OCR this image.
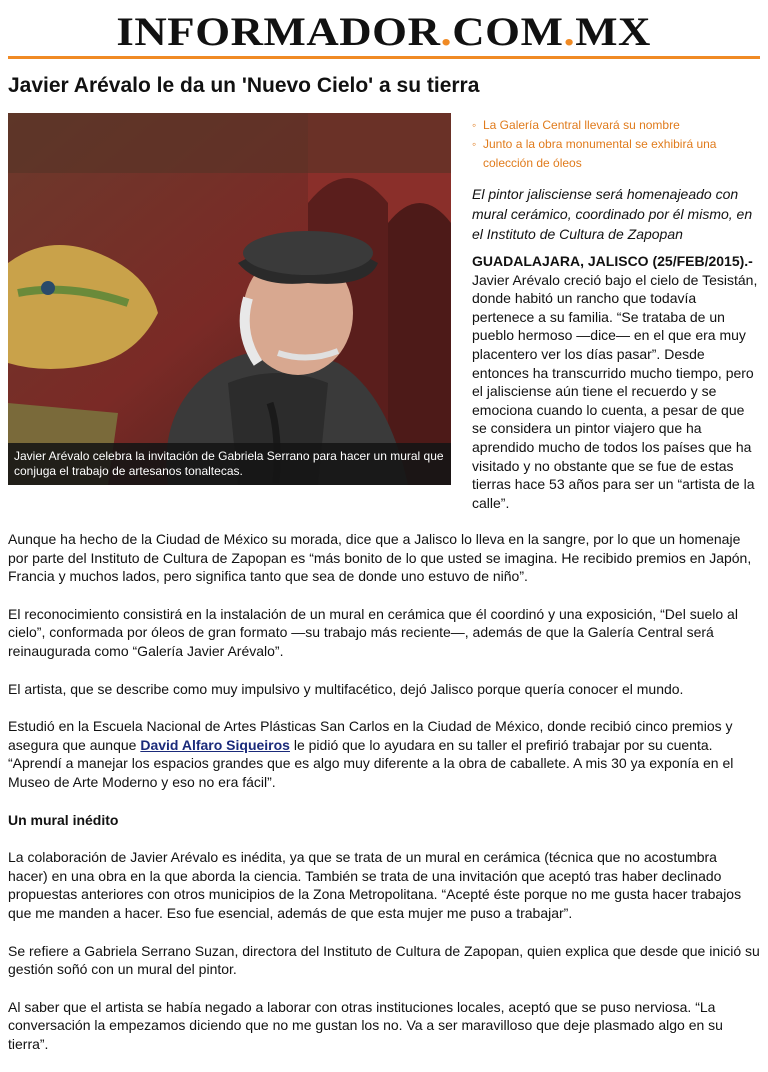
INFORMADOR.COM.MX
Javier Arévalo le da un 'Nuevo Cielo' a su tierra
Javier Arévalo celebra la invitación de Gabriela Serrano para hacer un mural que conjuga el trabajo de artesanos tonaltecas.
◦ La Galería Central llevará su nombre
◦ Junto a la obra monumental se exhibirá una colección de óleos

El pintor jalisciense será homenajeado con mural cerámico, coordinado por él mismo, en el Instituto de Cultura de Zapopan

GUADALAJARA, JALISCO (25/FEB/2015).- Javier Arévalo creció bajo el cielo de Tesistán, donde habitó un rancho que todavía pertenece a su familia. “Se trataba de un pueblo hermoso —dice— en el que era muy placentero ver los días pasar”. Desde entonces ha transcurrido mucho tiempo, pero el jalisciense aún tiene el recuerdo y se emociona cuando lo cuenta, a pesar de que se considera un pintor viajero que ha aprendido mucho de todos los países que ha visitado y no obstante que se fue de estas tierras hace 53 años para ser un “artista de la calle”.

Aunque ha hecho de la Ciudad de México su morada, dice que a Jalisco lo lleva en la sangre, por lo que un homenaje por parte del Instituto de Cultura de Zapopan es “más bonito de lo que usted se imagina. He recibido premios en Japón, Francia y muchos lados, pero significa tanto que sea de donde uno estuvo de niño”.

El reconocimiento consistirá en la instalación de un mural en cerámica que él coordinó y una exposición, “Del suelo al cielo”, conformada por óleos de gran formato —su trabajo más reciente—, además de que la Galería Central será reinaugurada como “Galería Javier Arévalo”.

El artista, que se describe como muy impulsivo y multifacético, dejó Jalisco porque quería conocer el mundo.

Estudió en la Escuela Nacional de Artes Plásticas San Carlos en la Ciudad de México, donde recibió cinco premios y asegura que aunque David Alfaro Siqueiros le pidió que lo ayudara en su taller el prefirió trabajar por su cuenta. “Aprendí a manejar los espacios grandes que es algo muy diferente a la obra de caballete. A mis 30 ya exponía en el Museo de Arte Moderno y eso no era fácil”.

Un mural inédito

La colaboración de Javier Arévalo es inédita, ya que se trata de un mural en cerámica (técnica que no acostumbra hacer) en una obra en la que aborda la ciencia. También se trata de una invitación que aceptó tras haber declinado propuestas anteriores con otros municipios de la Zona Metropolitana. “Acepté éste porque no me gusta hacer trabajos que me manden a hacer. Eso fue esencial, además de que esta mujer me puso a trabajar”.

Se refiere a Gabriela Serrano Suzan, directora del Instituto de Cultura de Zapopan, quien explica que desde que inició su gestión soñó con un mural del pintor.

Al saber que el artista se había negado a laborar con otras instituciones locales, aceptó que se puso nerviosa. “La conversación la empezamos diciendo que no me gustan los no. Va a ser maravilloso que deje plasmado algo en su tierra”.
